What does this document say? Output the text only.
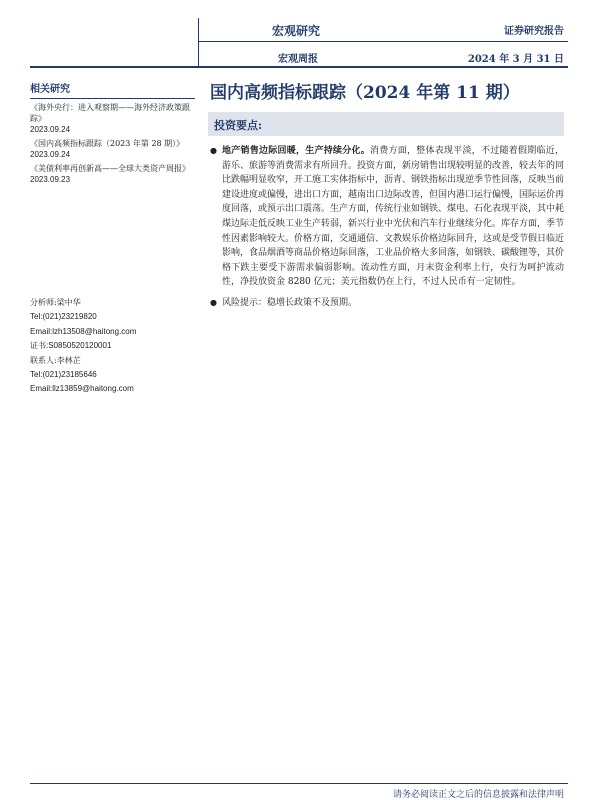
宏观研究
宏观周报
证券研究报告
2024 年 3 月 31 日
相关研究
《海外央行：进入观察期——海外经济政策跟踪》
2023.09.24
《国内高频指标跟踪（2023 年第 28 期）》
2023.09.24
《美债利率再创新高——全球大类资产周报》
2023.09.23
分析师:梁中华
Tel:(021)23219820
Email:lzh13508@haitong.com
证书:S0850520120001
联系人:李林芷
Tel:(021)23185646
Email:llz13859@haitong.com
国内高频指标跟踪（2024 年第 11 期）
投资要点:
● 地产销售边际回暖，生产持续分化。消费方面，整体表现平淡，不过随着假期临近，游乐、旅游等消费需求有所回升。投资方面，新房销售出现较明显的改善，较去年的同比跌幅明显收窄，开工施工实体指标中，沥青、钢铁指标出现逆季节性回落，反映当前建设进度或偏慢，进出口方面，越南出口边际改善，但国内港口运行偏慢，国际运价再度回落，或预示出口震荡。生产方面，传统行业如钢铁、煤电、石化表现平淡，其中耗煤边际走低反映工业生产转弱，新兴行业中光伏和汽车行业继续分化。库存方面，季节性因素影响较大。价格方面，交通通信、文教娱乐价格边际回升，这或是受节假日临近影响，食品烟酒等商品价格边际回落，工业品价格大多回落，如钢铁、碳酸锂等，其价格下跌主要受下游需求偏弱影响。流动性方面，月末资金利率上行，央行为呵护流动性，净投放资金 8280 亿元；美元指数仍在上行，不过人民币有一定韧性。
● 风险提示：稳增长政策不及预期。
请务必阅读正文之后的信息披露和法律声明
